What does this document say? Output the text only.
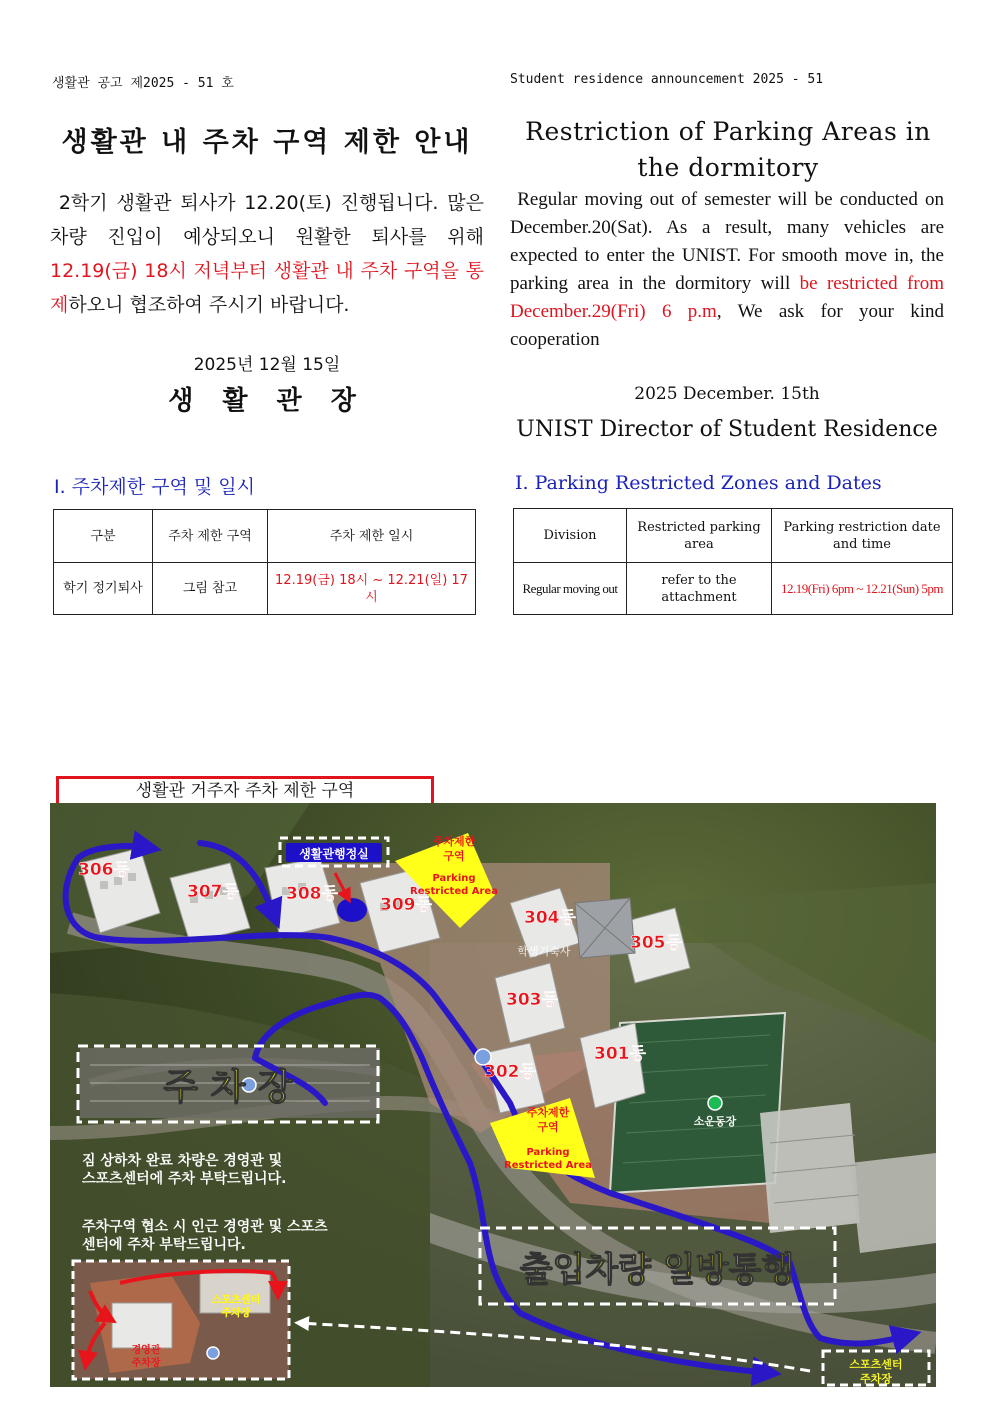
생활관 공고 제2025 - 51 호	Student residence announcement 2025 - 51
생활관 내 주차 구역 제한 안내	Restriction of Parking Areas in the dormitory
2학기 생활관 퇴사가 12.20(토) 진행됩니다. 많은 차량 진입이 예상되오니 원활한 퇴사를 위해 12.19(금) 18시 저녁부터 생활관 내 주차 구역을 통제하오니 협조하여 주시기 바랍니다.
Regular moving out of semester will be conducted on December.20(Sat). As a result, many vehicles are expected to enter the UNIST. For smooth move in, the parking area in the dormitory will be restricted from December.29(Fri) 6 p.m, We ask for your kind cooperation
2025년 12월 15일
생 활 관 장	2025 December. 15th
UNIST Director of Student Residence
Ⅰ. 주차제한 구역 및 일시	Ⅰ. Parking Restricted Zones and Dates
구분	주차 제한 구역	주차 제한 일시
학기 정기퇴사	그림 참고	12.19(금) 18시 ~ 12.21(일) 17시
Division	Restricted parking area	Parking restriction date and time
Regular moving out	refer to the attachment	12.19(Fri) 6pm ~ 12.21(Sun) 5pm
생활관 거주자 주차 제한 구역
306동
307동	308동
309동
304동
305동
303동
302동
301동
생활관행정실
주차제한 구역
Parking Restricted Area
주차제한 구역
Parking Restricted Area
주 차 장
출입차량 일방통행
짐 상하차 완료 차량은 경영관 및 스포츠센터에 주차 부탁드립니다.
주차구역 협소 시 인근 경영관 및 스포츠 센터에 주차 부탁드립니다.
스포츠센터 주차장
경영관 주차장	스포츠센터 주차장
소운동장
학생기숙사
